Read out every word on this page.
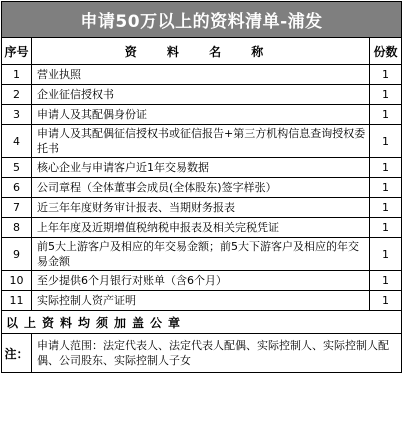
申请50万以上的资料清单-浦发		
序号	资 料 名 称	份数
1	营业执照	1
2	企业征信授权书	1
3	申请人及其配偶身份证	1
4	申请人及其配偶征信授权书或征信报告+第三方机构信息查询授权委托书	1
5	核心企业与申请客户近1年交易数据	1
6	公司章程（全体董事会成员(全体股东)签字样张）	1
7	近三年年度财务审计报表、当期财务报表	1
8	上年年度及近期增值税纳税申报表及相关完税凭证	1
9	前5大上游客户及相应的年交易金额；前5大下游客户及相应的年交易金额	1
10	至少提供6个月银行对账单（含6个月）	1
11	实际控制人资产证明	1
以上资料均须加盖公章		
注：	申请人范围：法定代表人、法定代表人配偶、实际控制人、实际控制人配偶、公司股东、实际控制人子女	
